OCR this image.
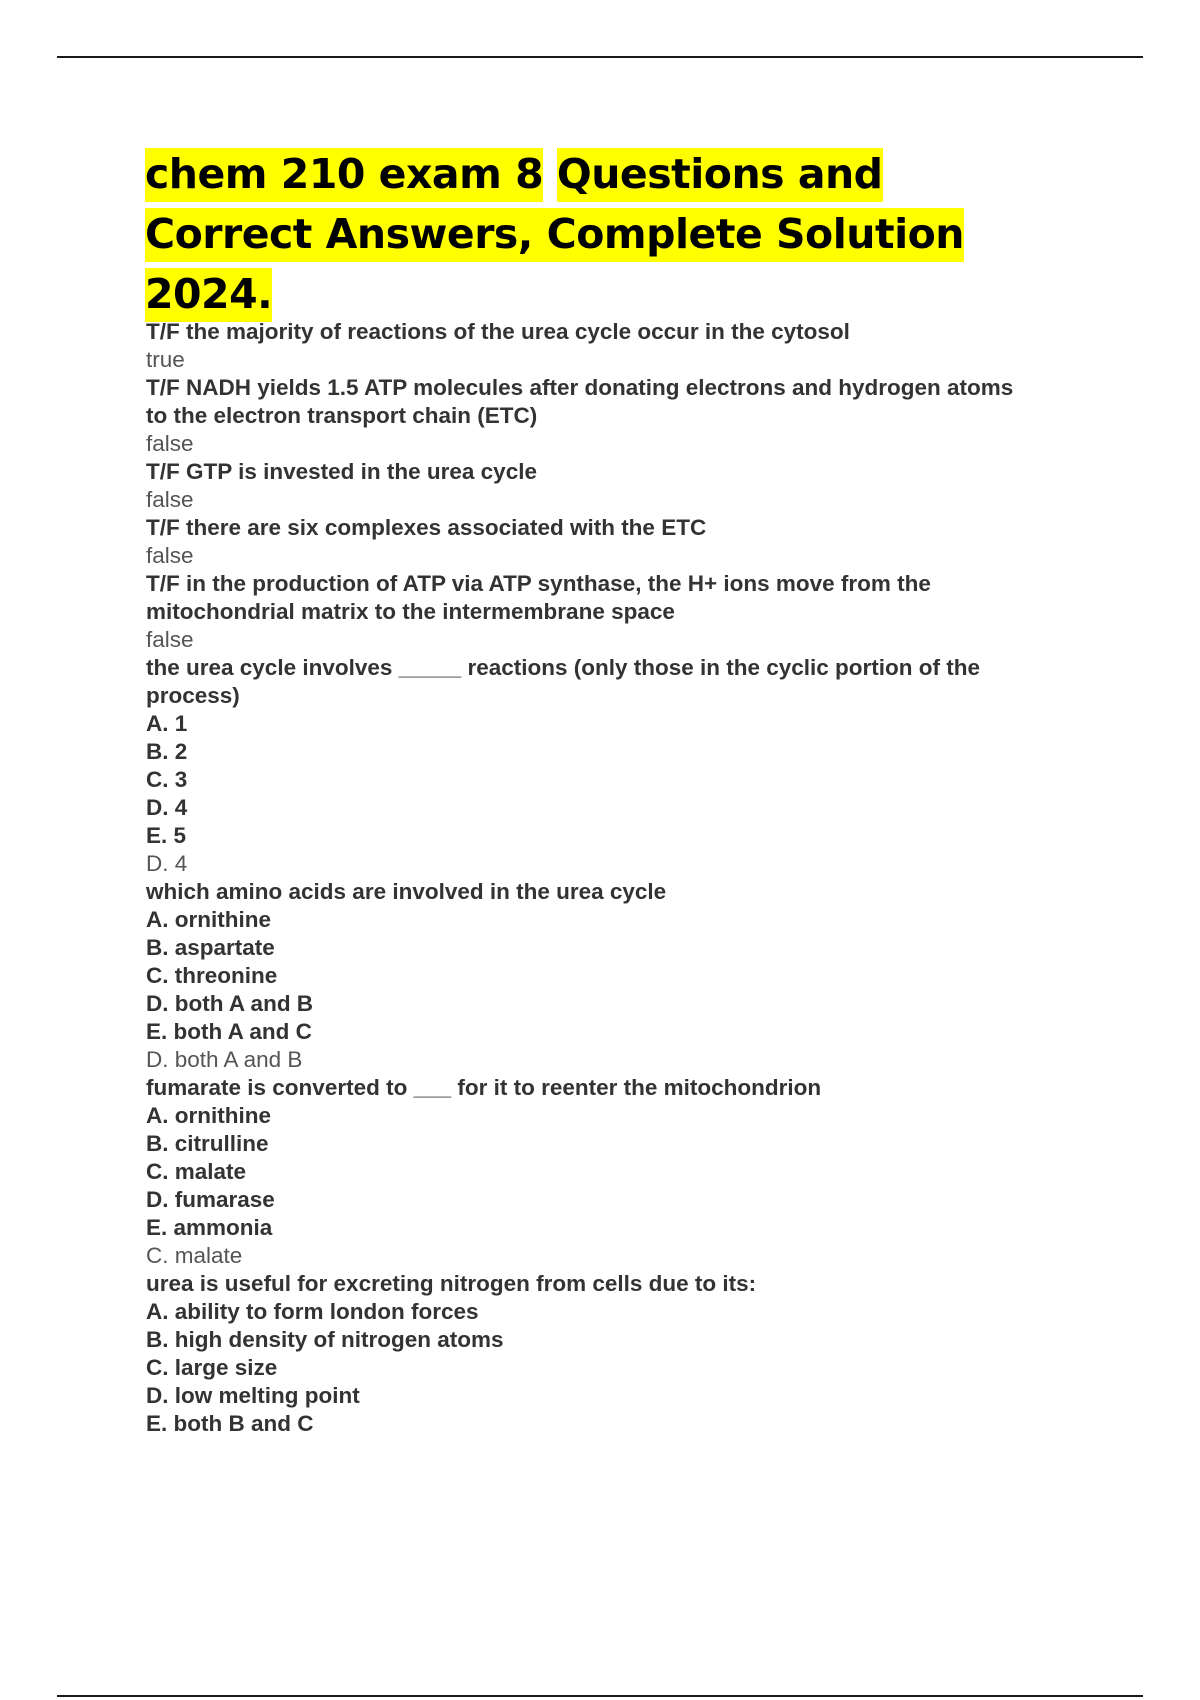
chem 210 exam 8 Questions and Correct Answers, Complete Solution 2024.
T/F the majority of reactions of the urea cycle occur in the cytosol
true
T/F NADH yields 1.5 ATP molecules after donating electrons and hydrogen atoms
to the electron transport chain (ETC)
false
T/F GTP is invested in the urea cycle
false
T/F there are six complexes associated with the ETC
false
T/F in the production of ATP via ATP synthase, the H+ ions move from the
mitochondrial matrix to the intermembrane space
false
the urea cycle involves _____ reactions (only those in the cyclic portion of the
process)
A. 1
B. 2
C. 3
D. 4
E. 5
D. 4
which amino acids are involved in the urea cycle
A. ornithine
B. aspartate
C. threonine
D. both A and B
E. both A and C
D. both A and B
fumarate is converted to ___ for it to reenter the mitochondrion
A. ornithine
B. citrulline
C. malate
D. fumarase
E. ammonia
C. malate
urea is useful for excreting nitrogen from cells due to its:
A. ability to form london forces
B. high density of nitrogen atoms
C. large size
D. low melting point
E. both B and C
